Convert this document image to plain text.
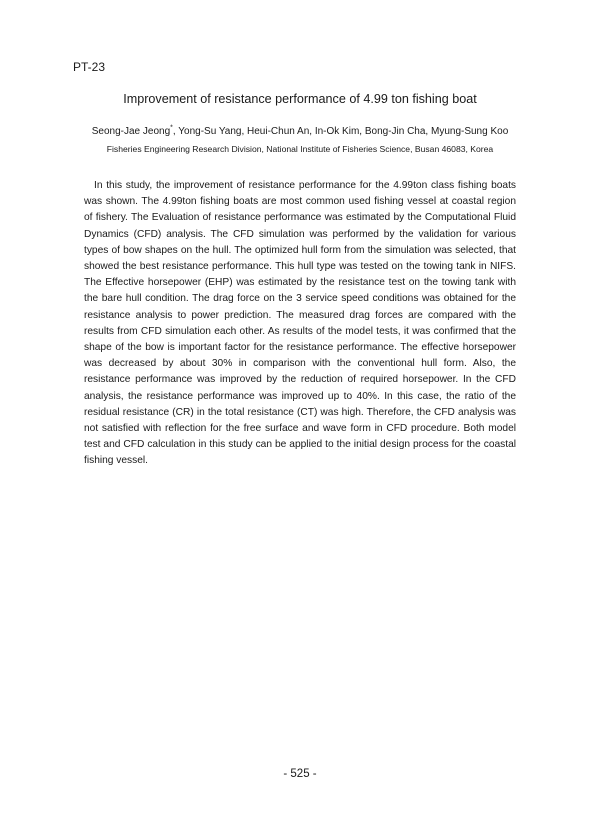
PT-23
Improvement of resistance performance of 4.99 ton fishing boat
Seong-Jae Jeong*, Yong-Su Yang, Heui-Chun An, In-Ok Kim, Bong-Jin Cha, Myung-Sung Koo
Fisheries Engineering Research Division, National Institute of Fisheries Science, Busan 46083, Korea

In this study, the improvement of resistance performance for the 4.99ton class fishing boats was shown. The 4.99ton fishing boats are most common used fishing vessel at coastal region of fishery. The Evaluation of resistance performance was estimated by the Computational Fluid Dynamics (CFD) analysis. The CFD simulation was performed by the validation for various types of bow shapes on the hull. The optimized hull form from the simulation was selected, that showed the best resistance performance. This hull type was tested on the towing tank in NIFS. The Effective horsepower (EHP) was estimated by the resistance test on the towing tank with the bare hull condition. The drag force on the 3 service speed conditions was obtained for the resistance analysis to power prediction. The measured drag forces are compared with the results from CFD simulation each other. As results of the model tests, it was confirmed that the shape of the bow is important factor for the resistance performance. The effective horsepower was decreased by about 30% in comparison with the conventional hull form. Also, the resistance performance was improved by the reduction of required horsepower. In the CFD analysis, the resistance performance was improved up to 40%. In this case, the ratio of the residual resistance (CR) in the total resistance (CT) was high. Therefore, the CFD analysis was not satisfied with reflection for the free surface and wave form in CFD procedure. Both model test and CFD calculation in this study can be applied to the initial design process for the coastal fishing vessel.

- 525 -
